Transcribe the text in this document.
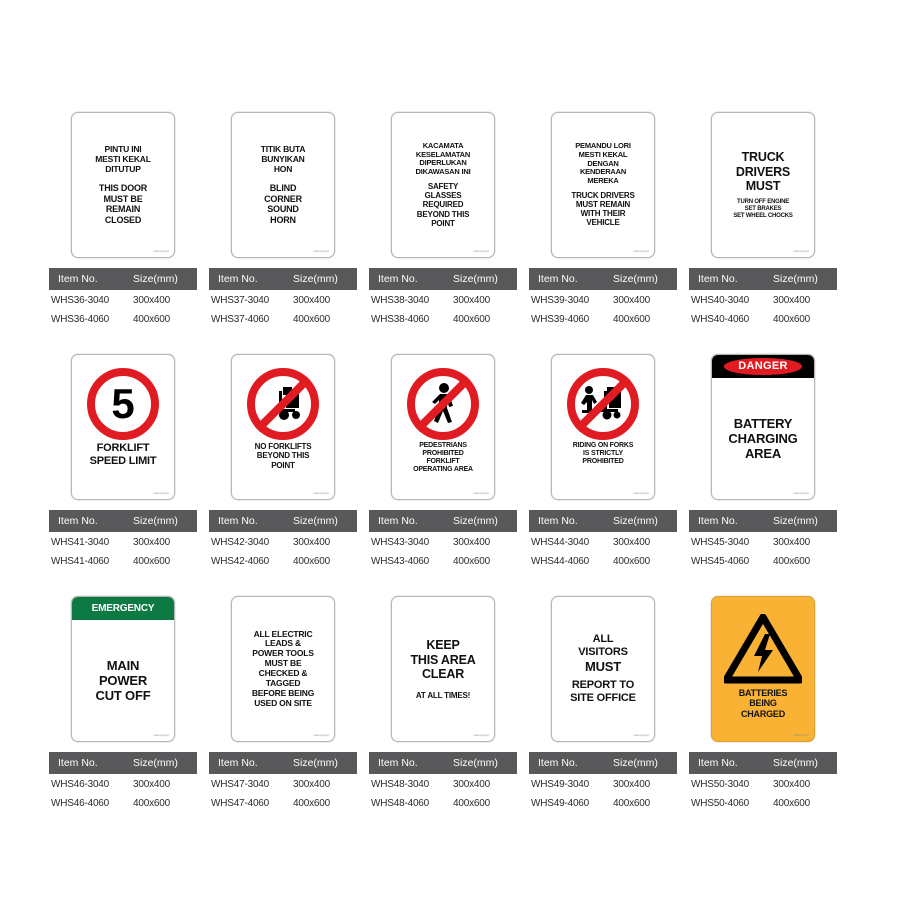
PINTU INI
MESTI KEKAL
DITUTUP
THIS DOOR
MUST BE
REMAIN
CLOSED
safetysign
Item No.	Size(mm)
WHS36-3040	300x400
WHS36-4060	400x600
TITIK BUTA
BUNYIKAN
HON
BLIND
CORNER
SOUND
HORN
safetysign
Item No.	Size(mm)
WHS37-3040	300x400
WHS37-4060	400x600
KACAMATA
KESELAMATAN
DIPERLUKAN
DIKAWASAN INI
SAFETY
GLASSES
REQUIRED
BEYOND THIS
POINT
safetysign
Item No.	Size(mm)
WHS38-3040	300x400
WHS38-4060	400x600
PEMANDU LORI
MESTI KEKAL
DENGAN
KENDERAAN
MEREKA
TRUCK DRIVERS
MUST REMAIN
WITH THEIR
VEHICLE
safetysign
Item No.	Size(mm)
WHS39-3040	300x400
WHS39-4060	400x600
TRUCK
DRIVERS
MUST
TURN OFF ENGINE
SET BRAKES
SET WHEEL CHOCKS
safetysign
Item No.	Size(mm)
WHS40-3040	300x400
WHS40-4060	400x600
5
FORKLIFT
SPEED LIMIT
safetysign
Item No.	Size(mm)
WHS41-3040	300x400
WHS41-4060	400x600
NO FORKLIFTS
BEYOND THIS
POINT
safetysign
Item No.	Size(mm)
WHS42-3040	300x400
WHS42-4060	400x600
PEDESTRIANS
PROHIBITED
FORKLIFT
OPERATING AREA
safetysign
Item No.	Size(mm)
WHS43-3040	300x400
WHS43-4060	400x600
RIDING ON FORKS
IS STRICTLY
PROHIBITED
safetysign
Item No.	Size(mm)
WHS44-3040	300x400
WHS44-4060	400x600
DANGER
BATTERY
CHARGING
AREA
safetysign
Item No.	Size(mm)
WHS45-3040	300x400
WHS45-4060	400x600
EMERGENCY
MAIN
POWER
CUT OFF
safetysign
Item No.	Size(mm)
WHS46-3040	300x400
WHS46-4060	400x600
ALL ELECTRIC
LEADS &
POWER TOOLS
MUST BE
CHECKED &
TAGGED
BEFORE BEING
USED ON SITE
safetysign
Item No.	Size(mm)
WHS47-3040	300x400
WHS47-4060	400x600
KEEP
THIS AREA
CLEAR
AT ALL TIMES!
safetysign
Item No.	Size(mm)
WHS48-3040	300x400
WHS48-4060	400x600
ALL
VISITORS
MUST
REPORT TO
SITE OFFICE
safetysign
Item No.	Size(mm)
WHS49-3040	300x400
WHS49-4060	400x600
BATTERIES
BEING
CHARGED
safetysign
Item No.	Size(mm)
WHS50-3040	300x400
WHS50-4060	400x600
